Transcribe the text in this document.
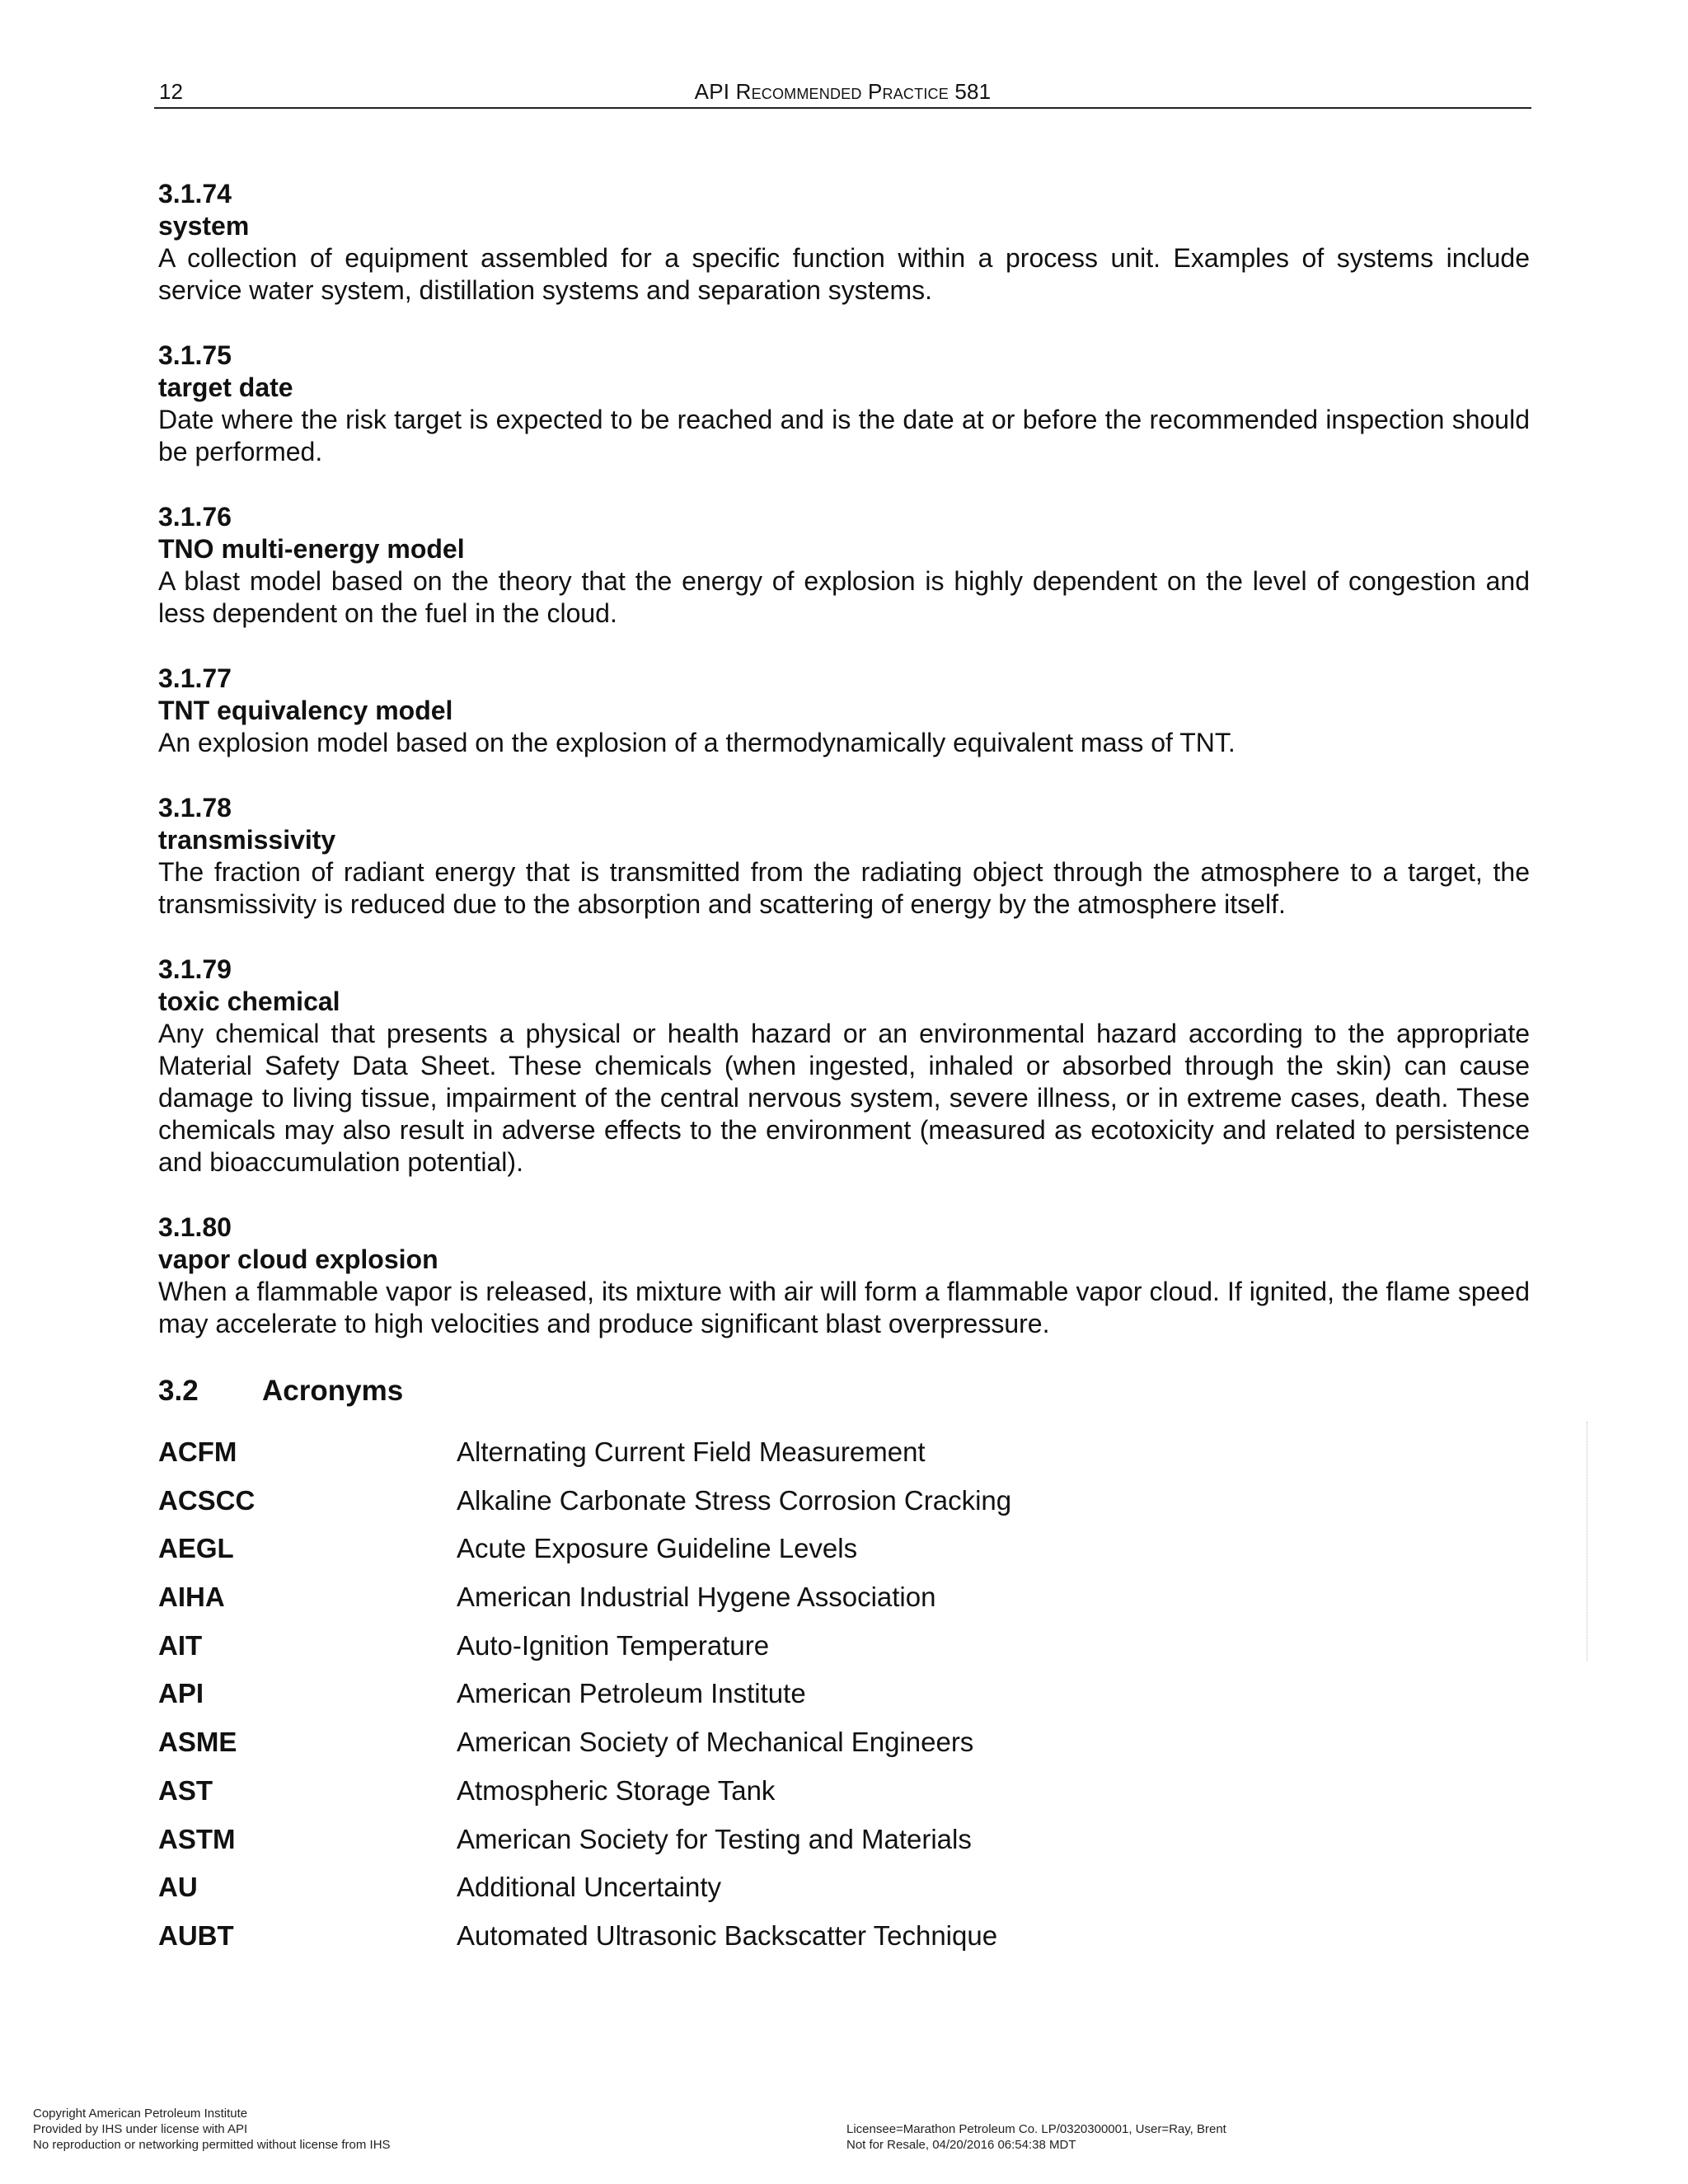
12	API Recommended Practice 581
3.1.74
system
A collection of equipment assembled for a specific function within a process unit. Examples of systems include service water system, distillation systems and separation systems.
3.1.75
target date
Date where the risk target is expected to be reached and is the date at or before the recommended inspection should be performed.
3.1.76
TNO multi-energy model
A blast model based on the theory that the energy of explosion is highly dependent on the level of congestion and less dependent on the fuel in the cloud.
3.1.77
TNT equivalency model
An explosion model based on the explosion of a thermodynamically equivalent mass of TNT.
3.1.78
transmissivity
The fraction of radiant energy that is transmitted from the radiating object through the atmosphere to a target, the transmissivity is reduced due to the absorption and scattering of energy by the atmosphere itself.
3.1.79
toxic chemical
Any chemical that presents a physical or health hazard or an environmental hazard according to the appropriate Material Safety Data Sheet. These chemicals (when ingested, inhaled or absorbed through the skin) can cause damage to living tissue, impairment of the central nervous system, severe illness, or in extreme cases, death. These chemicals may also result in adverse effects to the environment (measured as ecotoxicity and related to persistence and bioaccumulation potential).
3.1.80
vapor cloud explosion
When a flammable vapor is released, its mixture with air will form a flammable vapor cloud. If ignited, the flame speed may accelerate to high velocities and produce significant blast overpressure.
3.2	Acronyms
ACFM	Alternating Current Field Measurement
ACSCC	Alkaline Carbonate Stress Corrosion Cracking
AEGL	Acute Exposure Guideline Levels
AIHA	American Industrial Hygene Association
AIT	Auto-Ignition Temperature
API	American Petroleum Institute
ASME	American Society of Mechanical Engineers
AST	Atmospheric Storage Tank
ASTM	American Society for Testing and Materials
AU	Additional Uncertainty
AUBT	Automated Ultrasonic Backscatter Technique
Copyright American Petroleum Institute
Provided by IHS under license with API
No reproduction or networking permitted without license from IHS
Licensee=Marathon Petroleum Co. LP/0320300001, User=Ray, Brent
Not for Resale, 04/20/2016 06:54:38 MDT
